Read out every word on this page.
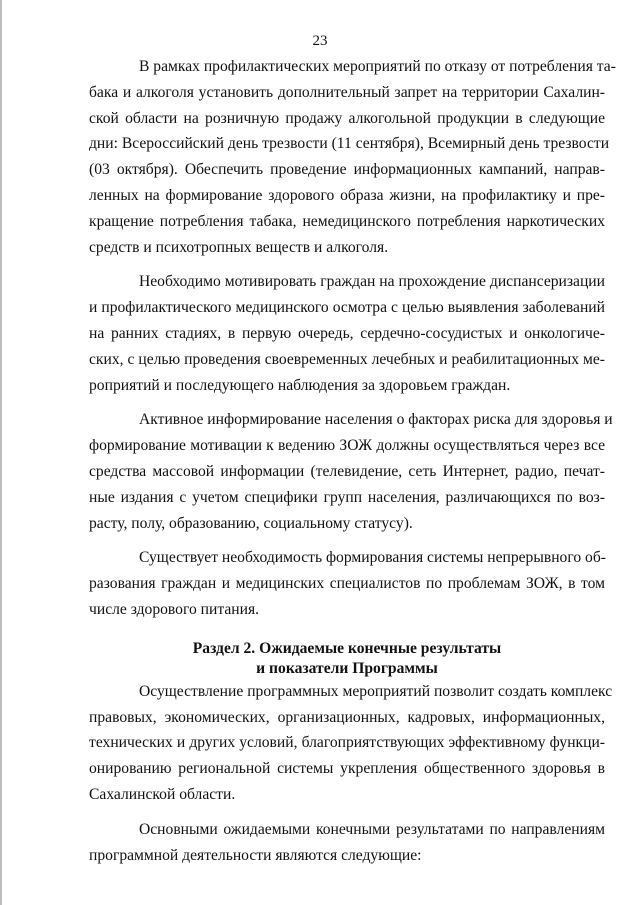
23
В рамках профилактических мероприятий по отказу от потребления та-
бака и алкоголя установить дополнительный запрет на территории Сахалин-
ской области на розничную продажу алкогольной продукции в следующие
дни: Всероссийский день трезвости (11 сентября), Всемирный день трезвости
(03 октября). Обеспечить проведение информационных кампаний, направ-
ленных на формирование здорового образа жизни, на профилактику и пре-
кращение потребления табака, немедицинского потребления наркотических
средств и психотропных веществ и алкоголя.
Необходимо мотивировать граждан на прохождение диспансеризации
и профилактического медицинского осмотра с целью выявления заболеваний
на ранних стадиях, в первую очередь, сердечно-сосудистых и онкологиче-
ских, с целью проведения своевременных лечебных и реабилитационных ме-
роприятий и последующего наблюдения за здоровьем граждан.
Активное информирование населения о факторах риска для здоровья и
формирование мотивации к ведению ЗОЖ должны осуществляться через все
средства массовой информации (телевидение, сеть Интернет, радио, печат-
ные издания с учетом специфики групп населения, различающихся по воз-
расту, полу, образованию, социальному статусу).
Существует необходимость формирования системы непрерывного об-
разования граждан и медицинских специалистов по проблемам ЗОЖ, в том
числе здорового питания.
Раздел 2. Ожидаемые конечные результаты
и показатели Программы
Осуществление программных мероприятий позволит создать комплекс
правовых, экономических, организационных, кадровых, информационных,
технических и других условий, благоприятствующих эффективному функци-
онированию региональной системы укрепления общественного здоровья в
Сахалинской области.
Основными ожидаемыми конечными результатами по направлениям
программной деятельности являются следующие:
